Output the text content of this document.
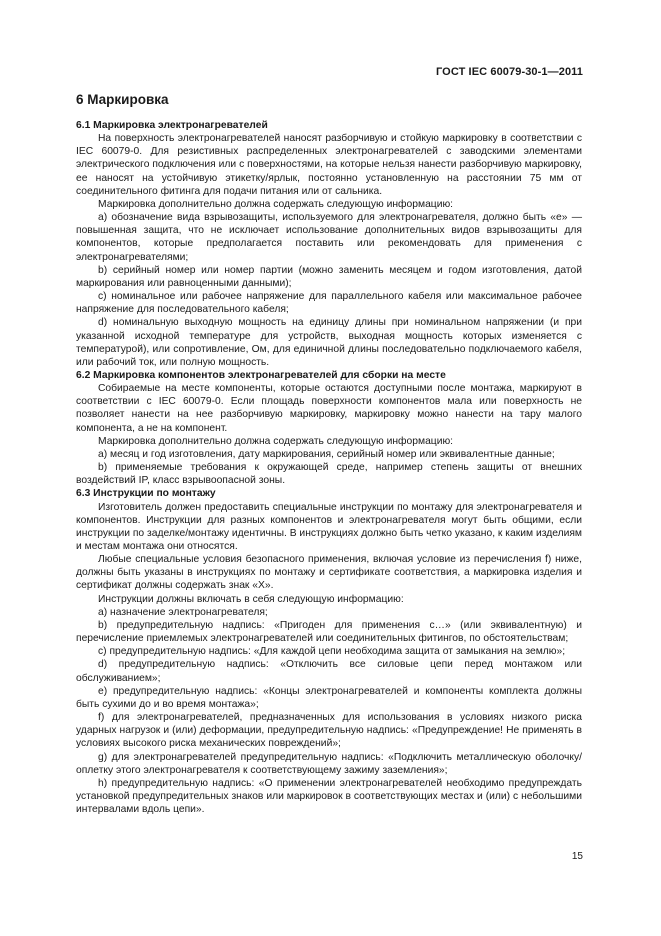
ГОСТ IEC 60079-30-1—2011
6 Маркировка
6.1 Маркировка электронагревателей

На поверхность электронагревателей наносят разборчивую и стойкую маркировку в соответствии с IEC 60079-0. Для резистивных распределенных электронагревателей с заводскими элементами электрического подключения или с поверхностями, на которые нельзя нанести разборчивую маркировку, ее наносят на устойчивую этикетку/ярлык, постоянно установленную на расстоянии 75 мм от соединительного фитинга для подачи питания или от сальника.

Маркировка дополнительно должна содержать следующую информацию:

a) обозначение вида взрывозащиты, используемого для электронагревателя, должно быть «е» — повышенная защита, что не исключает использование дополнительных видов взрывозащиты для компонентов, которые предполагается поставить или рекомендовать для применения с электронагревателями;

b) серийный номер или номер партии (можно заменить месяцем и годом изготовления, датой маркирования или равноценными данными);

c) номинальное или рабочее напряжение для параллельного кабеля или максимальное рабочее напряжение для последовательного кабеля;

d) номинальную выходную мощность на единицу длины при номинальном напряжении (и при указанной исходной температуре для устройств, выходная мощность которых изменяется с температурой), или сопротивление, Ом, для единичной длины последовательно подключаемого кабеля, или рабочий ток, или полную мощность.

6.2 Маркировка компонентов электронагревателей для сборки на месте

Собираемые на месте компоненты, которые остаются доступными после монтажа, маркируют в соответствии с IEC 60079-0. Если площадь поверхности компонентов мала или поверхность не позволяет нанести на нее разборчивую маркировку, маркировку можно нанести на тару малого компонента, а не на компонент.

Маркировка дополнительно должна содержать следующую информацию:

a) месяц и год изготовления, дату маркирования, серийный номер или эквивалентные данные;

b) применяемые требования к окружающей среде, например степень защиты от внешних воздействий IP, класс взрывоопасной зоны.

6.3 Инструкции по монтажу

Изготовитель должен предоставить специальные инструкции по монтажу для электронагревателя и компонентов. Инструкции для разных компонентов и электронагревателя могут быть общими, если инструкции по заделке/монтажу идентичны. В инструкциях должно быть четко указано, к каким изделиям и местам монтажа они относятся.

Любые специальные условия безопасного применения, включая условие из перечисления f) ниже, должны быть указаны в инструкциях по монтажу и сертификате соответствия, а маркировка изделия и сертификат должны содержать знак «X».

Инструкции должны включать в себя следующую информацию:

a) назначение электронагревателя;

b) предупредительную надпись: «Пригоден для применения с…» (или эквивалентную) и перечисление приемлемых электронагревателей или соединительных фитингов, по обстоятельствам;

c) предупредительную надпись: «Для каждой цепи необходима защита от замыкания на землю»;

d) предупредительную надпись: «Отключить все силовые цепи перед монтажом или обслуживанием»;

e) предупредительную надпись: «Концы электронагревателей и компоненты комплекта должны быть сухими до и во время монтажа»;

f) для электронагревателей, предназначенных для использования в условиях низкого риска ударных нагрузок и (или) деформации, предупредительную надпись: «Предупреждение! Не применять в условиях высокого риска механических повреждений»;

g) для электронагревателей предупредительную надпись: «Подключить металлическую оболочку/оплетку этого электронагревателя к соответствующему зажиму заземления»;

h) предупредительную надпись: «О применении электронагревателей необходимо предупреждать установкой предупредительных знаков или маркировок в соответствующих местах и (или) с небольшими интервалами вдоль цепи».

15
